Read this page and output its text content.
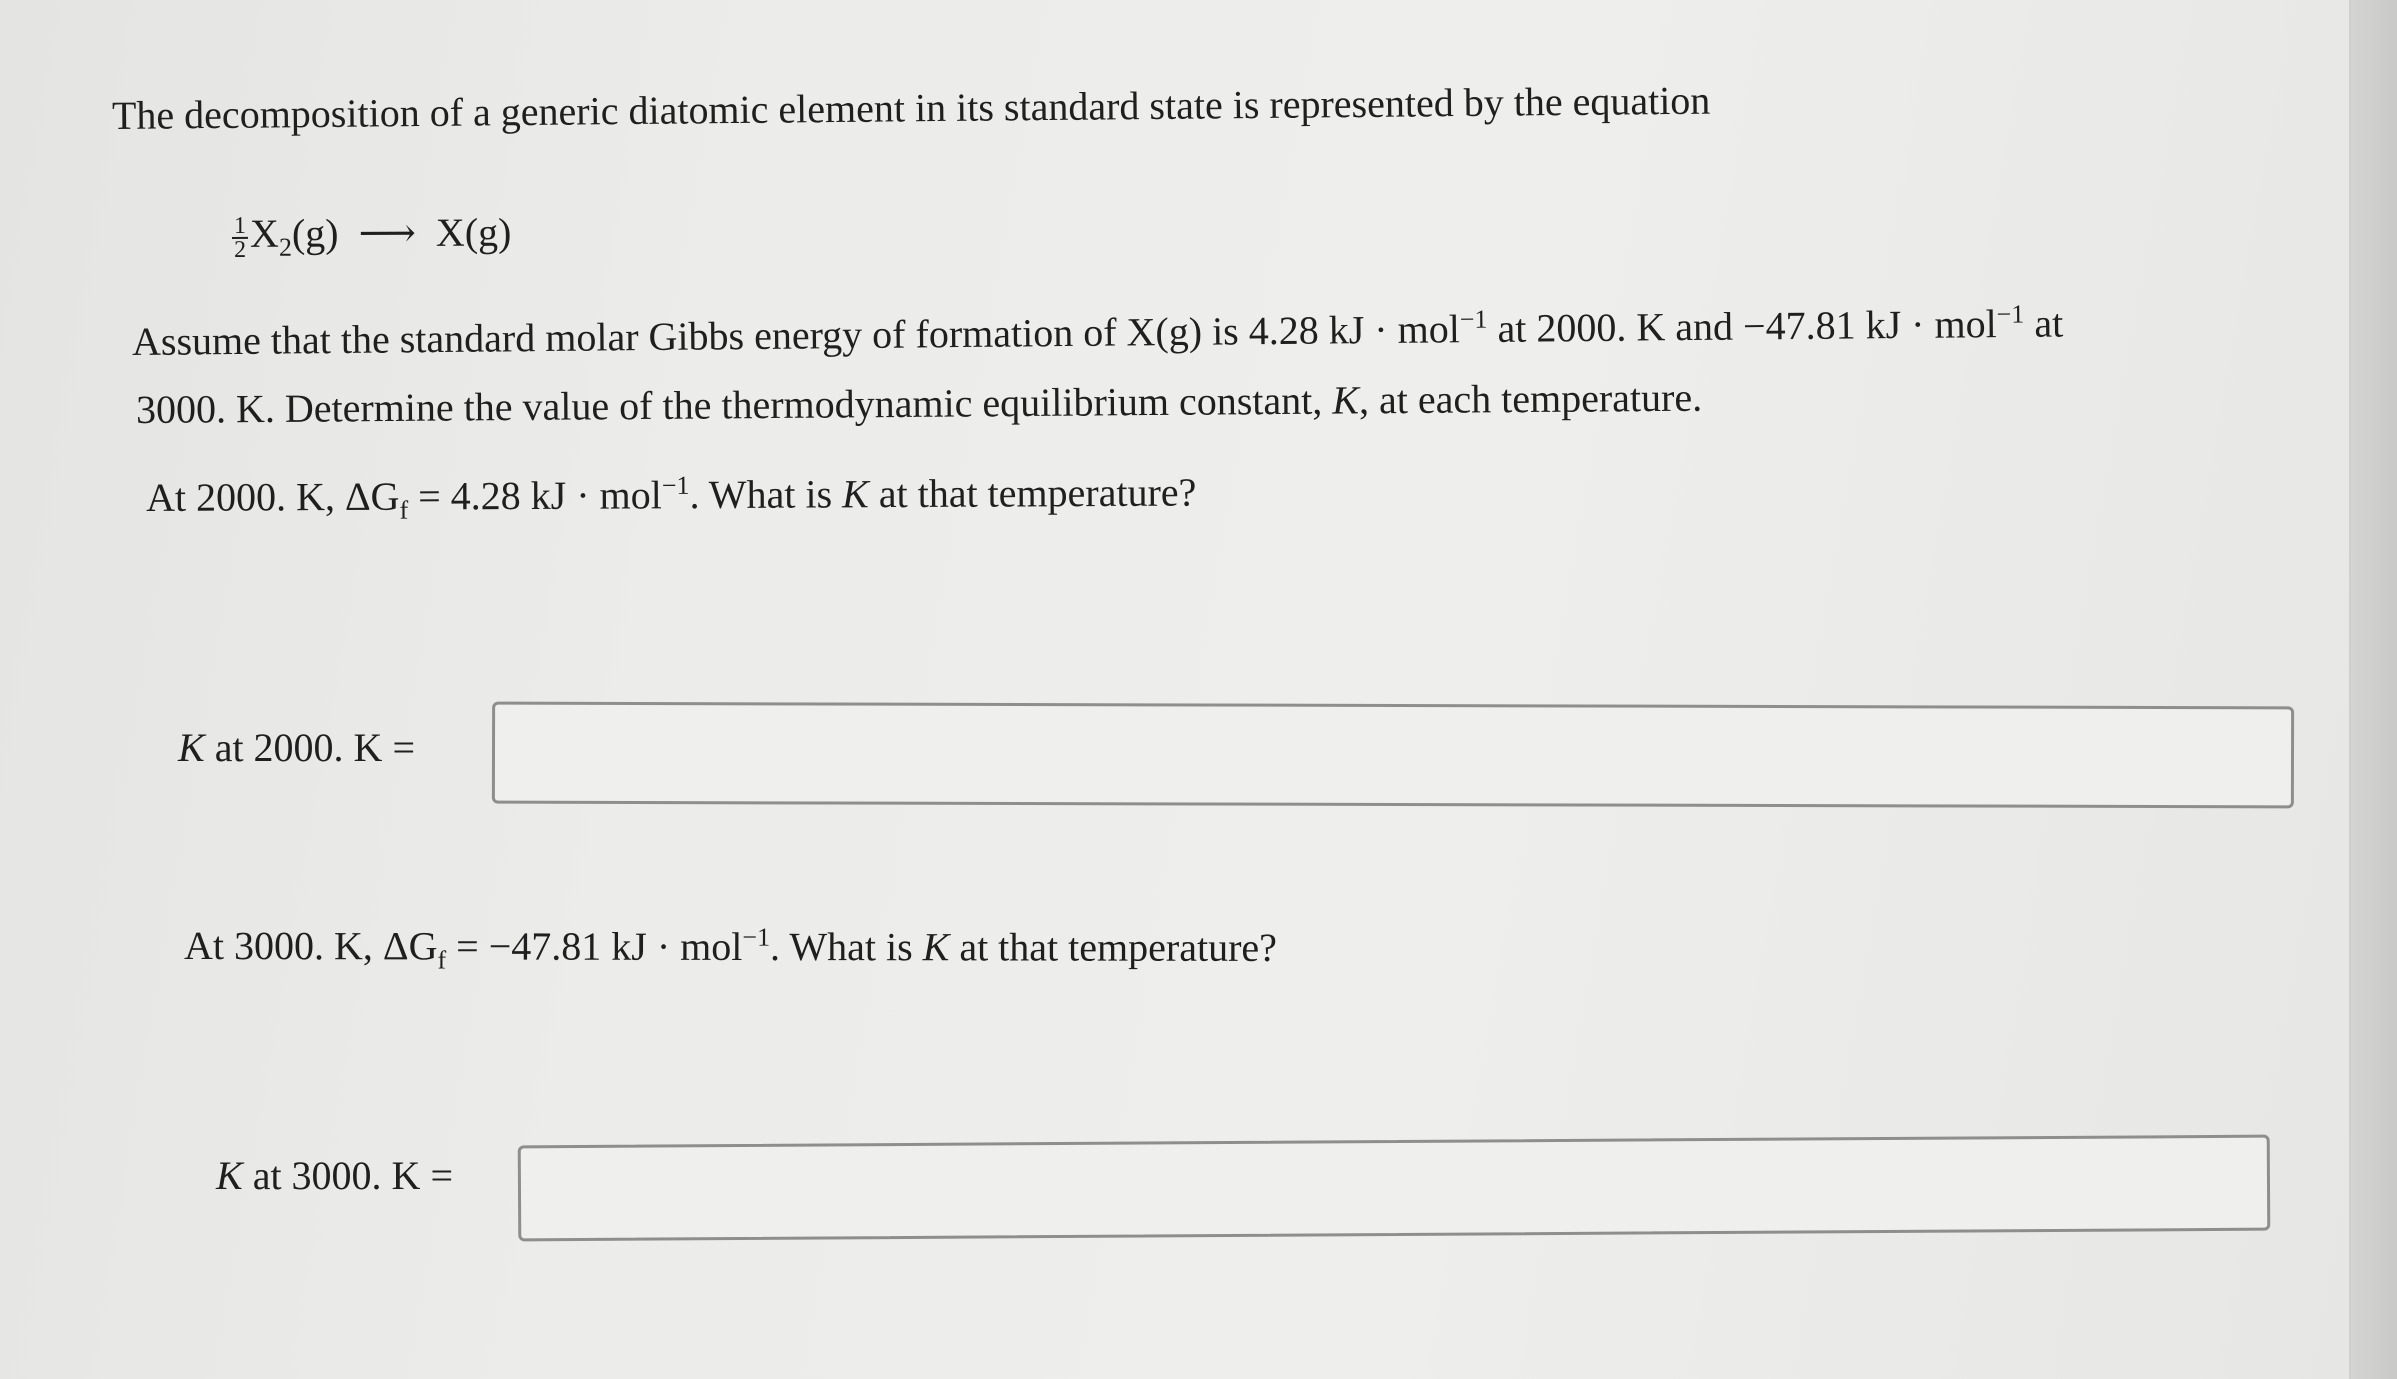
The decomposition of a generic diatomic element in its standard state is represented by the equation
$\frac{1}{2} X_2(g)$ ⟶ X(g)
Assume that the standard molar Gibbs energy of formation of X(g) is 4.28 kJ · mol$^{-1}$ at 2000. K and −47.81 kJ · mol$^{-1}$ at
3000. K. Determine the value of the thermodynamic equilibrium constant, K, at each temperature.
At 2000. K, $\Delta G_f = 4.28$ kJ · mol$^{-1}$. What is K at that temperature?
K at 2000. K =
At 3000. K, $\Delta G_f = -47.81$ kJ · mol$^{-1}$. What is K at that temperature?
K at 3000. K =
